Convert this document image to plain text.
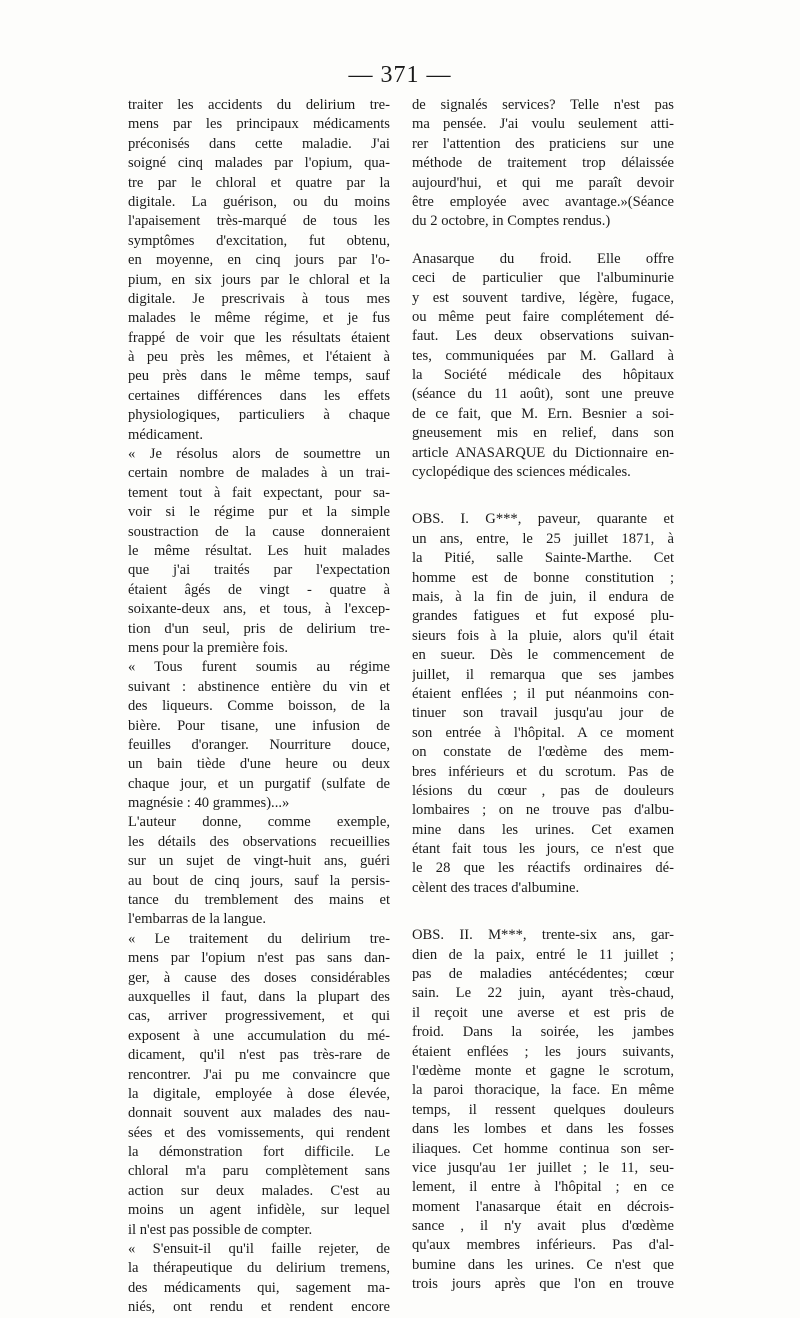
— 371 —
traiter les accidents du delirium tre-
mens par les principaux médicaments
préconisés dans cette maladie. J'ai
soigné cinq malades par l'opium, qua-
tre par le chloral et quatre par la
digitale. La guérison, ou du moins
l'apaisement très-marqué de tous les
symptômes d'excitation, fut obtenu,
en moyenne, en cinq jours par l'o-
pium, en six jours par le chloral et la
digitale. Je prescrivais à tous mes
malades le même régime, et je fus
frappé de voir que les résultats étaient
à peu près les mêmes, et l'étaient à
peu près dans le même temps, sauf
certaines différences dans les effets
physiologiques, particuliers à chaque
médicament.
« Je résolus alors de soumettre un
certain nombre de malades à un trai-
tement tout à fait expectant, pour sa-
voir si le régime pur et la simple
soustraction de la cause donneraient
le même résultat. Les huit malades
que j'ai traités par l'expectation
étaient âgés de vingt - quatre à
soixante-deux ans, et tous, à l'excep-
tion d'un seul, pris de delirium tre-
mens pour la première fois.
« Tous furent soumis au régime
suivant : abstinence entière du vin et
des liqueurs. Comme boisson, de la
bière. Pour tisane, une infusion de
feuilles d'oranger. Nourriture douce,
un bain tiède d'une heure ou deux
chaque jour, et un purgatif (sulfate de
magnésie : 40 grammes)...»
L'auteur donne, comme exemple,
les détails des observations recueillies
sur un sujet de vingt-huit ans, guéri
au bout de cinq jours, sauf la persis-
tance du tremblement des mains et
l'embarras de la langue.
« Le traitement du delirium tre-
mens par l'opium n'est pas sans dan-
ger, à cause des doses considérables
auxquelles il faut, dans la plupart des
cas, arriver progressivement, et qui
exposent à une accumulation du mé-
dicament, qu'il n'est pas très-rare de
rencontrer. J'ai pu me convaincre que
la digitale, employée à dose élevée,
donnait souvent aux malades des nau-
sées et des vomissements, qui rendent
la démonstration fort difficile. Le
chloral m'a paru complètement sans
action sur deux malades. C'est au
moins un agent infidèle, sur lequel
il n'est pas possible de compter.
« S'ensuit-il qu'il faille rejeter, de
la thérapeutique du delirium tremens,
des médicaments qui, sagement ma-
niés, ont rendu et rendent encore
de signalés services? Telle n'est pas
ma pensée. J'ai voulu seulement atti-
rer l'attention des praticiens sur une
méthode de traitement trop délaissée
aujourd'hui, et qui me paraît devoir
être employée avec avantage.»(Séance
du 2 octobre, in Comptes rendus.)
Anasarque du froid. Elle offre
ceci de particulier que l'albuminurie
y est souvent tardive, légère, fugace,
ou même peut faire complétement dé-
faut. Les deux observations suivan-
tes, communiquées par M. Gallard à
la Société médicale des hôpitaux
(séance du 11 août), sont une preuve
de ce fait, que M. Ern. Besnier a soi-
gneusement mis en relief, dans son
article ANASARQUE du Dictionnaire en-
cyclopédique des sciences médicales.
OBS. I. G***, paveur, quarante et
un ans, entre, le 25 juillet 1871, à
la Pitié, salle Sainte-Marthe. Cet
homme est de bonne constitution ;
mais, à la fin de juin, il endura de
grandes fatigues et fut exposé plu-
sieurs fois à la pluie, alors qu'il était
en sueur. Dès le commencement de
juillet, il remarqua que ses jambes
étaient enflées ; il put néanmoins con-
tinuer son travail jusqu'au jour de
son entrée à l'hôpital. A ce moment
on constate de l'œdème des mem-
bres inférieurs et du scrotum. Pas de
lésions du cœur , pas de douleurs
lombaires ; on ne trouve pas d'albu-
mine dans les urines. Cet examen
étant fait tous les jours, ce n'est que
le 28 que les réactifs ordinaires dé-
cèlent des traces d'albumine.
OBS. II. M***, trente-six ans, gar-
dien de la paix, entré le 11 juillet ;
pas de maladies antécédentes; cœur
sain. Le 22 juin, ayant très-chaud,
il reçoit une averse et est pris de
froid. Dans la soirée, les jambes
étaient enflées ; les jours suivants,
l'œdème monte et gagne le scrotum,
la paroi thoracique, la face. En même
temps, il ressent quelques douleurs
dans les lombes et dans les fosses
iliaques. Cet homme continua son ser-
vice jusqu'au 1er juillet ; le 11, seu-
lement, il entre à l'hôpital ; en ce
moment l'anasarque était en décrois-
sance , il n'y avait plus d'œdème
qu'aux membres inférieurs. Pas d'al-
bumine dans les urines. Ce n'est que
trois jours après que l'on en trouve
